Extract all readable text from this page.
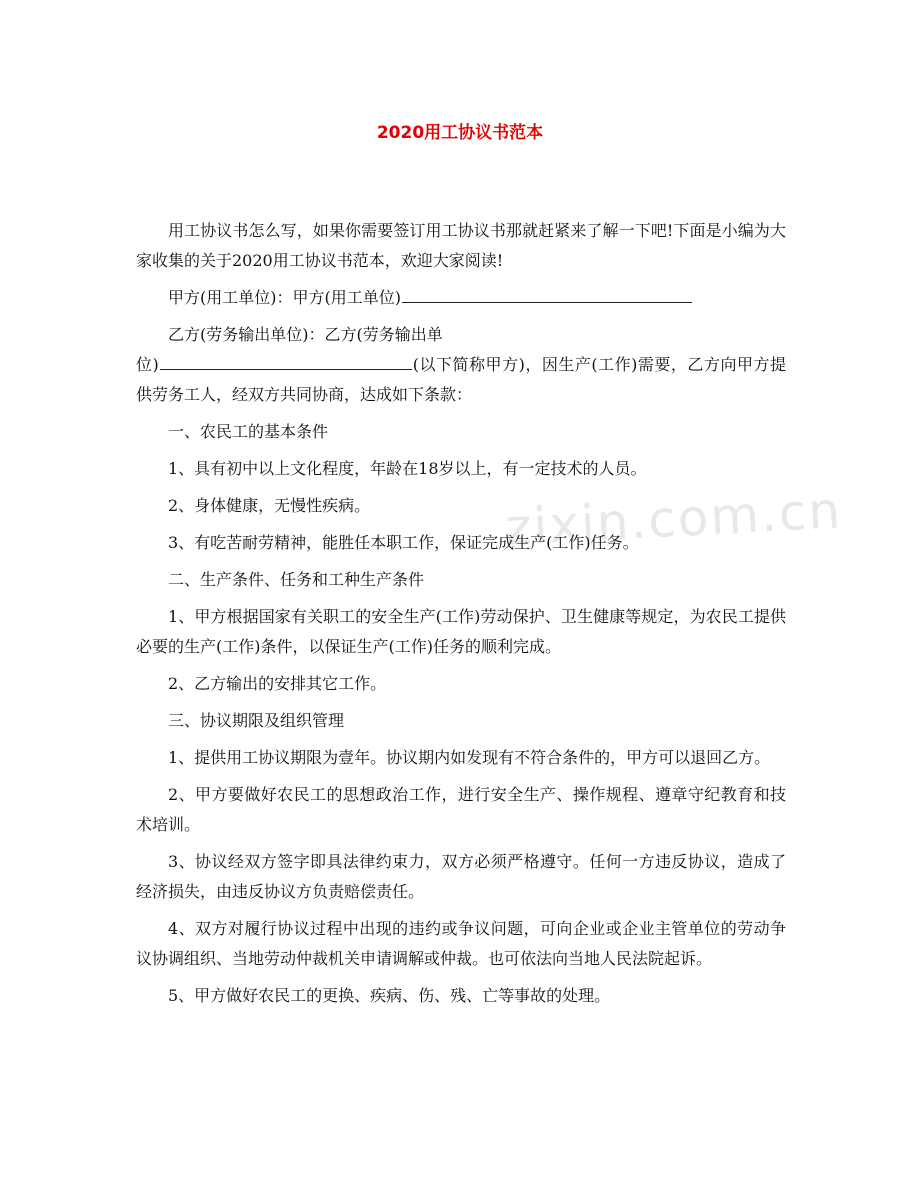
zixin.com.cn
2020用工协议书范本

用工协议书怎么写，如果你需要签订用工协议书那就赶紧来了解一下吧!下面是小编为大家收集的关于2020用工协议书范本，欢迎大家阅读!

甲方(用工单位)：甲方(用工单位)

乙方(劳务输出单位)：乙方(劳务输出单

位)	(以下简称甲方)，因生产(工作)需要，乙方向甲方提供劳务工人，经双方共同协商，达成如下条款：

一、农民工的基本条件

1、具有初中以上文化程度，年龄在18岁以上，有一定技术的人员。

2、身体健康，无慢性疾病。

3、有吃苦耐劳精神，能胜任本职工作，保证完成生产(工作)任务。

二、生产条件、任务和工种生产条件

1、甲方根据国家有关职工的安全生产(工作)劳动保护、卫生健康等规定，为农民工提供必要的生产(工作)条件，以保证生产(工作)任务的顺利完成。

2、乙方输出的安排其它工作。

三、协议期限及组织管理

1、提供用工协议期限为壹年。协议期内如发现有不符合条件的，甲方可以退回乙方。

2、甲方要做好农民工的思想政治工作，进行安全生产、操作规程、遵章守纪教育和技术培训。

3、协议经双方签字即具法律约束力，双方必须严格遵守。任何一方违反协议，造成了经济损失，由违反协议方负责赔偿责任。

4、双方对履行协议过程中出现的违约或争议问题，可向企业或企业主管单位的劳动争议协调组织、当地劳动仲裁机关申请调解或仲裁。也可依法向当地人民法院起诉。

5、甲方做好农民工的更换、疾病、伤、残、亡等事故的处理。
